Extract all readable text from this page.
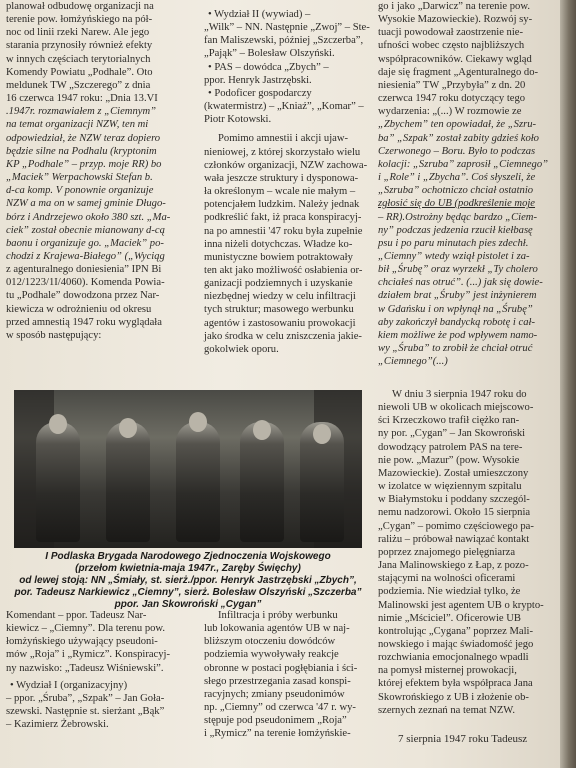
planował odbudowę organizacji na

terenie pow. łomżyńskiego na pół-

noc od linii rzeki Narew. Ale jego

starania przynosiły również efekty

w innych częściach terytorialnych

Komendy Powiatu „Podhale”. Oto

meldunek TW „Szczerego” z dnia

16 czerwca 1947 roku: „Dnia 13.VI

.1947r. rozmawiałem z „Ciemnym”

na temat organizacji NZW, ten mi

odpowiedział, że NZW teraz dopiero

będzie silne na Podhalu (kryptonim

KP „Podhale” – przyp. moje RR) bo

„Maciek” Werpachowski Stefan b.

d-ca komp. V ponownie organizuje

NZW a ma on w samej gminie Długo-

bórz i Andrzejewo około 380 szt. „Ma-

ciek” został obecnie mianowany d-cą

baonu i organizuje go. „Maciek” po-

chodzi z Krajewa-Białego” („Wyciąg

z agenturalnego doniesienia” IPN Bi

012/1223/1I/4060). Komenda Powia-

tu „Podhale” dowodzona przez Nar-

kiewicza w odrożnieniu od okresu

przed amnestią 1947 roku wyglądała

w sposób następujący:

• Wydział II (wywiad) –

„Wilk” – NN. Następnie „Zwoj” – Ste-

fan Maliszewski, później „Szczerba”,

„Pająk” – Bolesław Olszyński.

• PAS – dowódca „Zbych” –

ppor. Henryk Jastrzębski.

• Podoficer gospodarczy

(kwatermistrz) – „Kniaź”, „Komar” –

Piotr Kotowski.

Pomimo amnestii i akcji ujaw-

nieniowej, z której skorzystało wielu

członków organizacji, NZW zachowa-

wała jeszcze struktury i dysponowa-

ła określonym – wcale nie małym –

potencjałem ludzkim. Należy jednak

podkreślić fakt, iż praca konspiracyj-

na po amnestii '47 roku była zupełnie

inna niżeli dotychczas. Władze ko-

munistyczne bowiem potraktowały

ten akt jako możliwość osłabienia or-

ganizacji podziemnych i uzyskanie

niezbędnej wiedzy w celu infiltracji

tych struktur; masowego werbunku

agentów i zastosowaniu prowokacji

jako środka w celu zniszczenia jakie-

gokolwiek oporu.

go i jako „Darwicz” na terenie pow.

Wysokie Mazowieckie). Rozwój sy-

tuacji powodował zaostrzenie nie-

ufności wobec często najbliższych

współpracowników. Ciekawy wgląd

daje się fragment „Agenturalnego do-

niesienia” TW „Przybyła” z dn. 20

czerwca 1947 roku dotyczący tego

wydarzenia: „(...) W rozmowie ze

„Zbychem” ten opowiadał, że „Szru-

ba” „Szpak” został zabity gdzieś koło

Czerwonego – Boru. Było to podczas

kolacji: „Szruba” zaprosił „Ciemnego”

i „Role” i „Zbycha”. Coś słyszeli, że

„Szruba” ochotniczo chciał ostatnio

zgłosić się do UB (podkreślenie moje

– RR).Ostrożny będąc bardzo „Ciem-

ny” podczas jedzenia rzucił kiełbasę

psu i po paru minutach pies zdechł.

„Ciemny” wtedy wziął pistolet i za-

bił „Śrubę” oraz wyrzekł „Ty cholero

chciałeś nas otruć”. (...) jak się dowie-

działem brat „Śruby” jest inżynierem

w Gdańsku i on wpłynął na „Śrubę”

aby zakończył bandycką robotę i cał-

kiem możliwe że pod wpływem namo-

wy „Śruba” to zrobił że chciał otruć

„Ciemnego”(...)

I Podlaska Brygada Narodowego Zjednoczenia Wojskowego

(przełom kwietnia-maja 1947r., Zaręby Święchy)

od lewej stoją: NN „Śmiały, st. sierż./ppor. Henryk Jastrzębski „Zbych”,

por. Tadeusz Narkiewicz „Ciemny”, sierż. Bolesław Olszyński „Szczerba”

ppor. Jan Skowroński „Cygan”

Komendant – ppor. Tadeusz Nar-

kiewicz – „Ciemny”. Dla terenu pow.

łomżyńskiego używający pseudoni-

mów „Roja” i „Rymicz”. Konspiracyj-

ny nazwisko: „Tadeusz Wiśniewski”.

• Wydział I (organizacyjny)

– ppor. „Śruba”, „Szpak” – Jan Goła-

szewski. Następnie st. sierżant „Bąk”

– Kazimierz Żebrowski.

Infiltracja i próby werbunku

lub lokowania agentów UB w naj-

bliższym otoczeniu dowódców

podziemia wywoływały reakcje

obronne w postaci pogłębiania i ści-

słego przestrzegania zasad konspi-

racyjnych; zmiany pseudonimów

np. „Ciemny” od czerwca '47 r. wy-

stępuje pod pseudonimem „Roja”

i „Rymicz” na terenie łomżyńskie-

W dniu 3 sierpnia 1947 roku do

niewoli UB w okolicach miejscowo-

ści Krzeczkowo trafił ciężko ran-

ny por. „Cygan” – Jan Skowroński

dowodzący patrolem PAS na tere-

nie pow. „Mazur” (pow. Wysokie

Mazowieckie). Został umieszczony

w izolatce w więziennym szpitalu

w Białymstoku i poddany szczegól-

nemu nadzorowi. Około 15 sierpnia

„Cygan” – pomimo częściowego pa-

raliżu – próbował nawiązać kontakt

poprzez znajomego pielęgniarza

Jana Malinowskiego z Łap, z pozo-

stającymi na wolności oficerami

podziemia. Nie wiedział tylko, że

Malinowski jest agentem UB o krypto-

nimie „Mściciel”. Oficerowie UB

kontrolując „Cygana” poprzez Mali-

nowskiego i mając świadomość jego

rozchwiania emocjonalnego wpadli

na pomysł misternej prowokacji,

której efektem była współpraca Jana

Skowrońskiego z UB i złożenie ob-

szernych zeznań na temat NZW.

7 sierpnia 1947 roku Tadeusz
